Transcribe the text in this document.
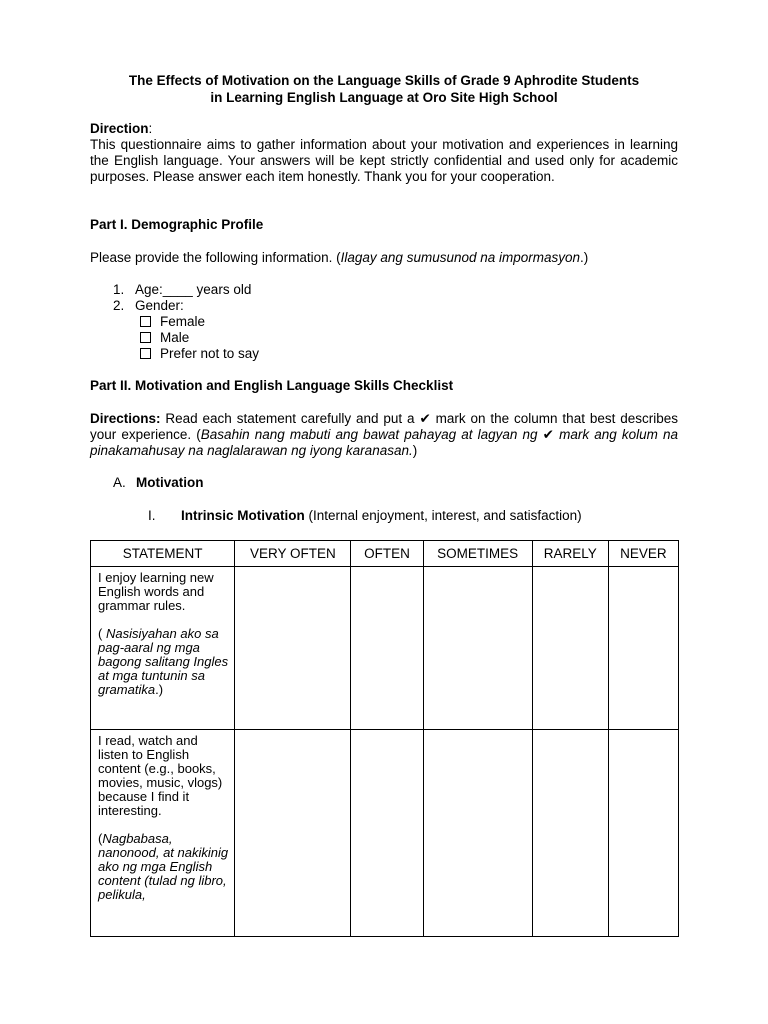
The Effects of Motivation on the Language Skills of Grade 9 Aphrodite Students
in Learning English Language at Oro Site High School
Direction:
This questionnaire aims to gather information about your motivation and experiences in learning the English language. Your answers will be kept strictly confidential and used only for academic purposes. Please answer each item honestly. Thank you for your cooperation.
Part I. Demographic Profile
Please provide the following information. (Ilagay ang sumusunod na impormasyon.)
1. Age:____ years old
2. Gender:
Female
Male
Prefer not to say
Part II. Motivation and English Language Skills Checklist
Directions: Read each statement carefully and put a ✔ mark on the column that best describes your experience. (Basahin nang mabuti ang bawat pahayag at lagyan ng ✔ mark ang kolum na pinakamahusay na naglalarawan ng iyong karanasan.)
A. Motivation
I. Intrinsic Motivation (Internal enjoyment, interest, and satisfaction)
STATEMENT	VERY OFTEN	OFTEN	SOMETIMES	RARELY	NEVER

I enjoy learning new English words and grammar rules.
( Nasisiyahan ako sa pag-aaral ng mga bagong salitang Ingles at mga tuntunin sa gramatika.)					

I read, watch and listen to English content (e.g., books, movies, music, vlogs) because I find it interesting.
(Nagbabasa, nanonood, at nakikinig ako ng mga English content (tulad ng libro, pelikula,					
